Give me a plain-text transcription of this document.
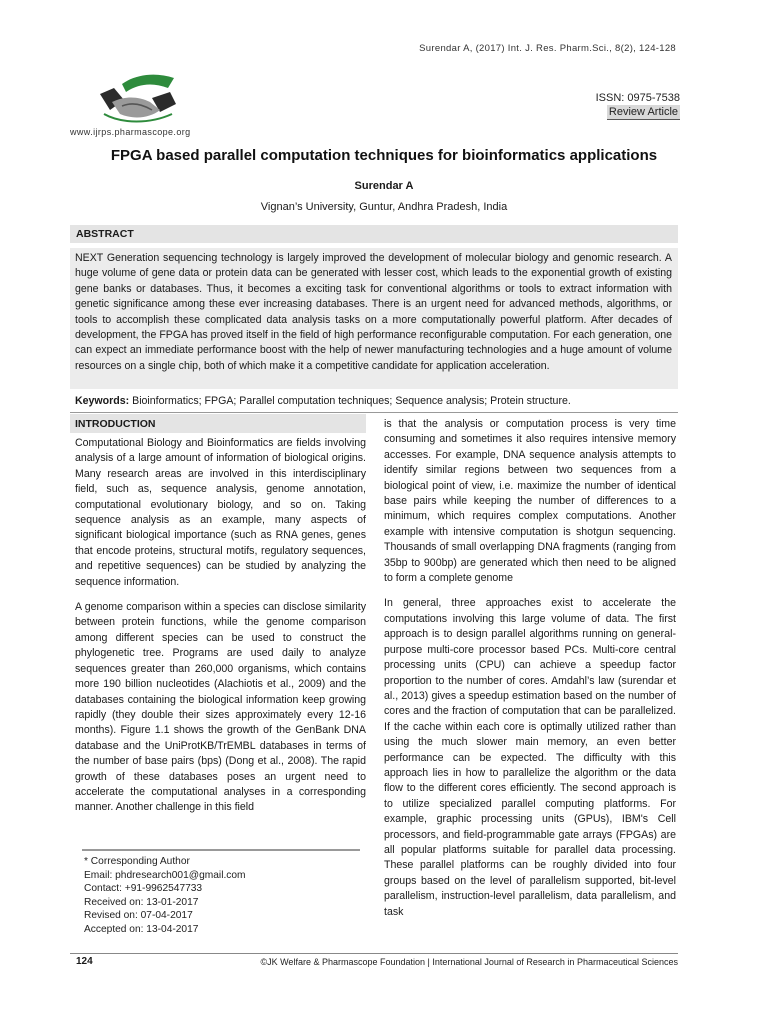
Surendar A, (2017) Int. J. Res. Pharm.Sci., 8(2), 124-128
www.ijrps.pharmascope.org
ISSN: 0975-7538
Review Article
FPGA based parallel computation techniques for bioinformatics applications
Surendar A
Vignan’s University, Guntur, Andhra Pradesh, India
ABSTRACT

NEXT Generation sequencing technology is largely improved the development of molecular biology and genomic research. A huge volume of gene data or protein data can be generated with lesser cost, which leads to the exponential growth of existing gene banks or databases. Thus, it becomes a exciting task for conventional algorithms or tools to extract information with genetic significance among these ever increasing databases. There is an urgent need for advanced methods, algorithms, or tools to accomplish these complicated data analysis tasks on a more computationally powerful platform. After decades of development, the FPGA has proved itself in the field of high performance reconfigurable computation. For each generation, one can expect an immediate performance boost with the help of newer manufacturing technologies and a huge amount of volume resources on a single chip, both of which make it a competitive candidate for application acceleration.

Keywords: Bioinformatics; FPGA; Parallel computation techniques; Sequence analysis; Protein structure.
INTRODUCTION

Computational Biology and Bioinformatics are fields involving analysis of a large amount of information of biological origins. Many research areas are involved in this interdisciplinary field, such as, sequence analysis, genome annotation, computational evolutionary biology, and so on. Taking sequence analysis as an example, many aspects of significant biological importance (such as RNA genes, genes that encode proteins, structural motifs, regulatory sequences, and repetitive sequences) can be studied by analyzing the sequence information.

A genome comparison within a species can disclose similarity between protein functions, while the genome comparison among different species can be used to construct the phylogenetic tree. Programs are used daily to analyze sequences greater than 260,000 organisms, which contains more 190 billion nucleotides (Alachiotis et al., 2009) and the databases containing the biological information keep growing rapidly (they double their sizes approximately every 12-16 months). Figure 1.1 shows the growth of the GenBank DNA database and the UniProtKB/TrEMBL databases in terms of the number of base pairs (bps) (Dong et al., 2008). The rapid growth of these databases poses an urgent need to accelerate the computational analyses in a corresponding manner. Another challenge in this field

is that the analysis or computation process is very time consuming and sometimes it also requires intensive memory accesses. For example, DNA sequence analysis attempts to identify similar regions between two sequences from a biological point of view, i.e. maximize the number of identical base pairs while keeping the number of differences to a minimum, which requires complex computations. Another example with intensive computation is shotgun sequencing. Thousands of small overlapping DNA fragments (ranging from 35bp to 900bp) are generated which then need to be aligned to form a complete genome

In general, three approaches exist to accelerate the computations involving this large volume of data. The first approach is to design parallel algorithms running on general-purpose multi-core processor based PCs. Multi-core central processing units (CPU) can achieve a speedup factor proportion to the number of cores. Amdahl’s law (surendar et al., 2013) gives a speedup estimation based on the number of cores and the fraction of computation that can be parallelized. If the cache within each core is optimally utilized rather than using the much slower main memory, an even better performance can be expected. The difficulty with this approach lies in how to parallelize the algorithm or the data flow to the different cores efficiently. The second approach is to utilize specialized parallel computing platforms. For example, graphic processing units (GPUs), IBM's Cell processors, and field-programmable gate arrays (FPGAs) are all popular platforms suitable for parallel data processing. These parallel platforms can be roughly divided into four groups based on the level of parallelism supported, bit-level parallelism, instruction-level parallelism, data parallelism, and task

* Corresponding Author
Email: phdresearch001@gmail.com
Contact: +91-9962547733
Received on: 13-01-2017
Revised on: 07-04-2017
Accepted on: 13-04-2017
124	©JK Welfare & Pharmascope Foundation | International Journal of Research in Pharmaceutical Sciences
